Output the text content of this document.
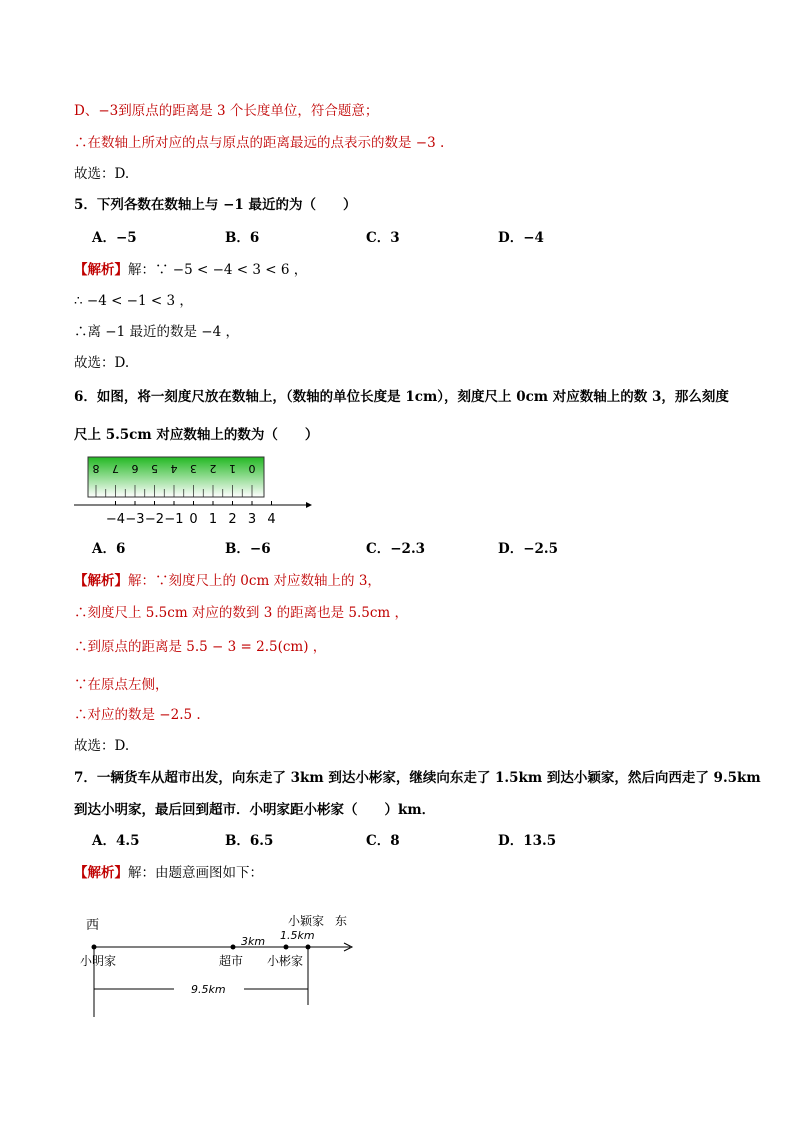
D、−3到原点的距离是 3 个长度单位，符合题意；
∴在数轴上所对应的点与原点的距离最远的点表示的数是 −3 .
故选：D.
5．下列各数在数轴上与 −1 最近的为（　　）
A．−5	B．6	C．3	D．−4
【解析】解：∵ −5 < −4 < 3 < 6 ，
∴ −4 < −1 < 3 ，
∴离 −1 最近的数是 −4 ，
故选：D.
6．如图，将一刻度尺放在数轴上，（数轴的单位长度是 1cm），刻度尺上 0cm 对应数轴上的数 3，那么刻度
尺上 5.5cm 对应数轴上的数为（　　）
0
1
2
3
4
5
6
7
8
−4 −3 −2 −1 0 1 2 3 4
A．6	B．−6	C．−2.3	D．−2.5
【解析】解：∵刻度尺上的 0cm 对应数轴上的 3，
∴刻度尺上 5.5cm 对应的数到 3 的距离也是 5.5cm ，
∴到原点的距离是 5.5 − 3 = 2.5(cm) ，
∵在原点左侧，
∴对应的数是 −2.5 .
故选：D.
7．一辆货车从超市出发，向东走了 3km 到达小彬家，继续向东走了 1.5km 到达小颖家，然后向西走了 9.5km
到达小明家，最后回到超市．小明家距小彬家（　　）km．
A．4.5	B．6.5	C．8	D．13.5
【解析】解：由题意画图如下：
西	小颖家 东
3km 1.5km
小明家	超市 小彬家
9.5km
